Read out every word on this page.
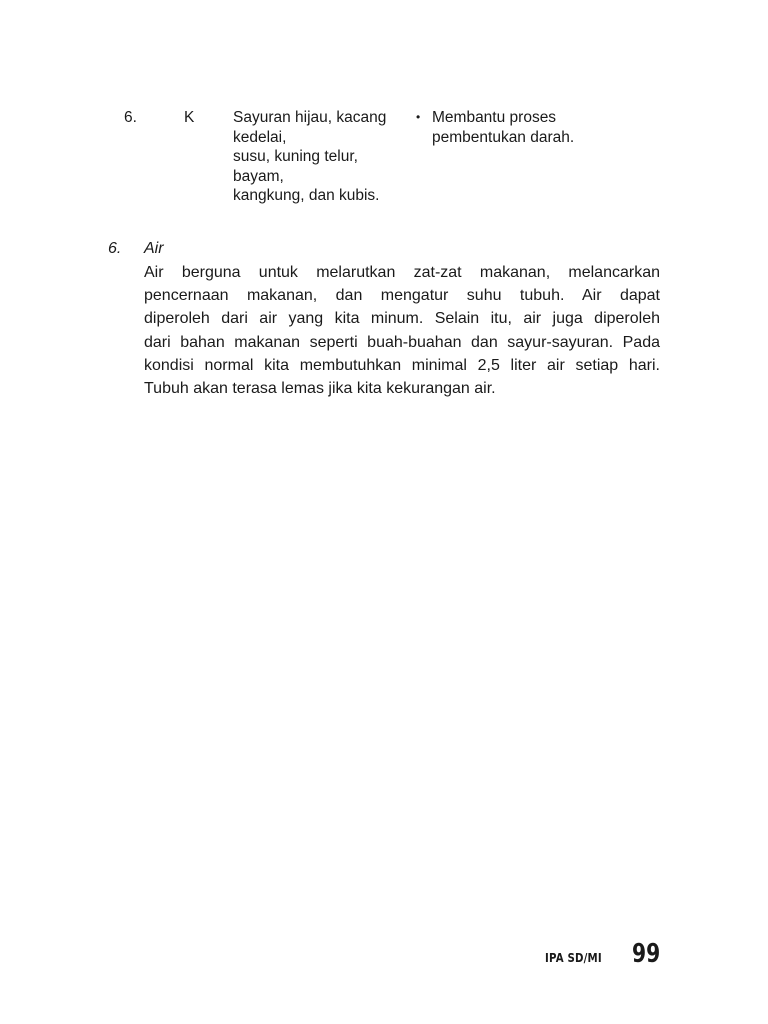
6.	K Sayuran hijau, kacang
kedelai,
susu, kuning telur,
bayam,
kangkung, dan kubis.
• Membantu proses
pembentukan darah.
6. Air
Air berguna untuk melarutkan zat-zat makanan, melancarkan
pencernaan makanan, dan mengatur suhu tubuh. Air dapat
diperoleh dari air yang kita minum. Selain itu, air juga diperoleh
dari bahan makanan seperti buah-buahan dan sayur-sayuran. Pada
kondisi normal kita membutuhkan minimal 2,5 liter air setiap hari.
Tubuh akan terasa lemas jika kita kekurangan air.
IPA SD/MI 99
